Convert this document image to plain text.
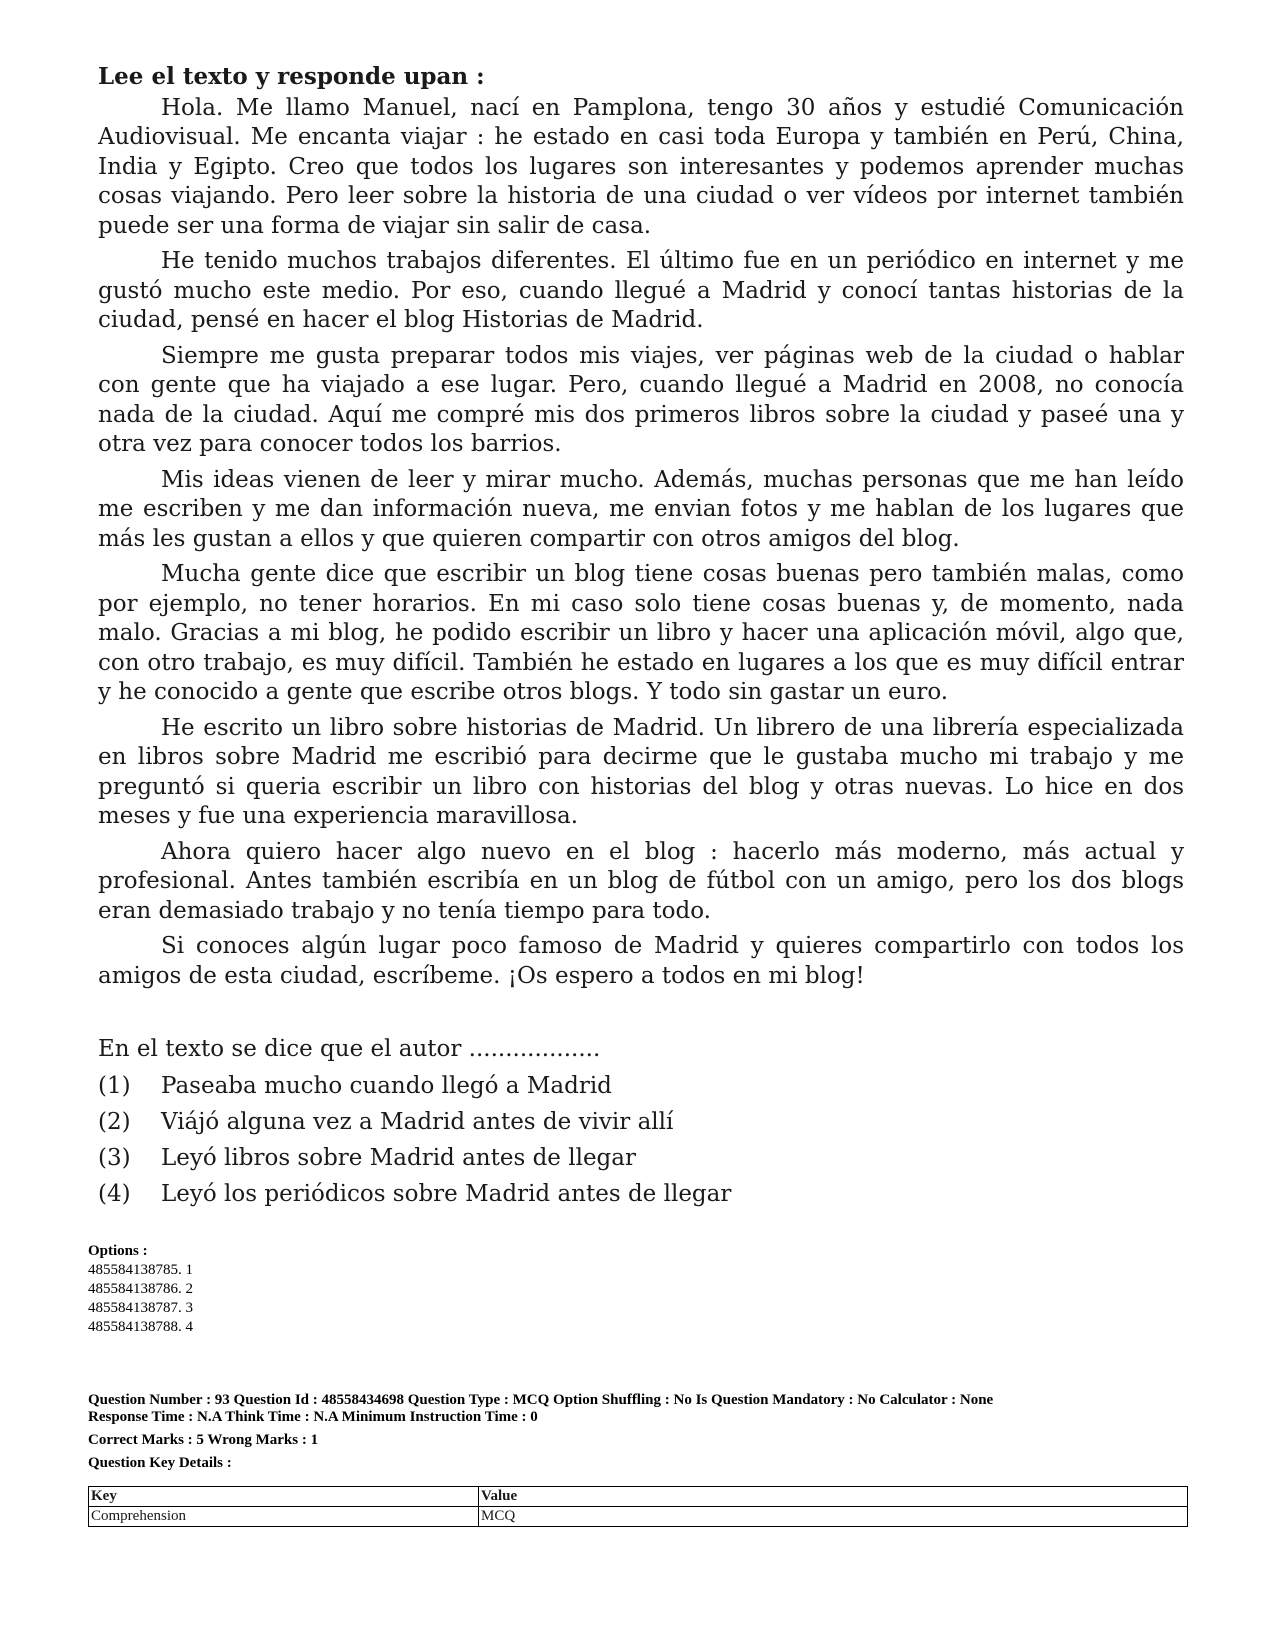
Lee el texto y responde upan :

Hola. Me llamo Manuel, nací en Pamplona, tengo 30 años y estudié Comunicación Audiovisual. Me encanta viajar : he estado en casi toda Europa y también en Perú, China, India y Egipto. Creo que todos los lugares son interesantes y podemos aprender muchas cosas viajando. Pero leer sobre la historia de una ciudad o ver vídeos por internet también puede ser una forma de viajar sin salir de casa.

He tenido muchos trabajos diferentes. El último fue en un periódico en internet y me gustó mucho este medio. Por eso, cuando llegué a Madrid y conocí tantas historias de la ciudad, pensé en hacer el blog Historias de Madrid.

Siempre me gusta preparar todos mis viajes, ver páginas web de la ciudad o hablar con gente que ha viajado a ese lugar. Pero, cuando llegué a Madrid en 2008, no conocía nada de la ciudad. Aquí me compré mis dos primeros libros sobre la ciudad y paseé una y otra vez para conocer todos los barrios.

Mis ideas vienen de leer y mirar mucho. Además, muchas personas que me han leído me escriben y me dan información nueva, me envian fotos y me hablan de los lugares que más les gustan a ellos y que quieren compartir con otros amigos del blog.

Mucha gente dice que escribir un blog tiene cosas buenas pero también malas, como por ejemplo, no tener horarios. En mi caso solo tiene cosas buenas y, de momento, nada malo. Gracias a mi blog, he podido escribir un libro y hacer una aplicación móvil, algo que, con otro trabajo, es muy difícil. También he estado en lugares a los que es muy difícil entrar y he conocido a gente que escribe otros blogs. Y todo sin gastar un euro.

He escrito un libro sobre historias de Madrid. Un librero de una librería especializada en libros sobre Madrid me escribió para decirme que le gustaba mucho mi trabajo y me preguntó si queria escribir un libro con historias del blog y otras nuevas. Lo hice en dos meses y fue una experiencia maravillosa.

Ahora quiero hacer algo nuevo en el blog : hacerlo más moderno, más actual y profesional. Antes también escribía en un blog de fútbol con un amigo, pero los dos blogs eran demasiado trabajo y no tenía tiempo para todo.

Si conoces algún lugar poco famoso de Madrid y quieres compartirlo con todos los amigos de esta ciudad, escríbeme. ¡Os espero a todos en mi blog!

En el texto se dice que el autor ..................

(1)	Paseaba mucho cuando llegó a Madrid
(2)	Viájó alguna vez a Madrid antes de vivir allí
(3)	Leyó libros sobre Madrid antes de llegar
(4)	Leyó los periódicos sobre Madrid antes de llegar
Options :
485584138785. 1
485584138786. 2
485584138787. 3
485584138788. 4
Question Number : 93 Question Id : 48558434698 Question Type : MCQ Option Shuffling : No Is Question Mandatory : No Calculator : None
Response Time : N.A Think Time : N.A Minimum Instruction Time : 0
Correct Marks : 5 Wrong Marks : 1
Question Key Details :
Key	Value
Comprehension	MCQ
